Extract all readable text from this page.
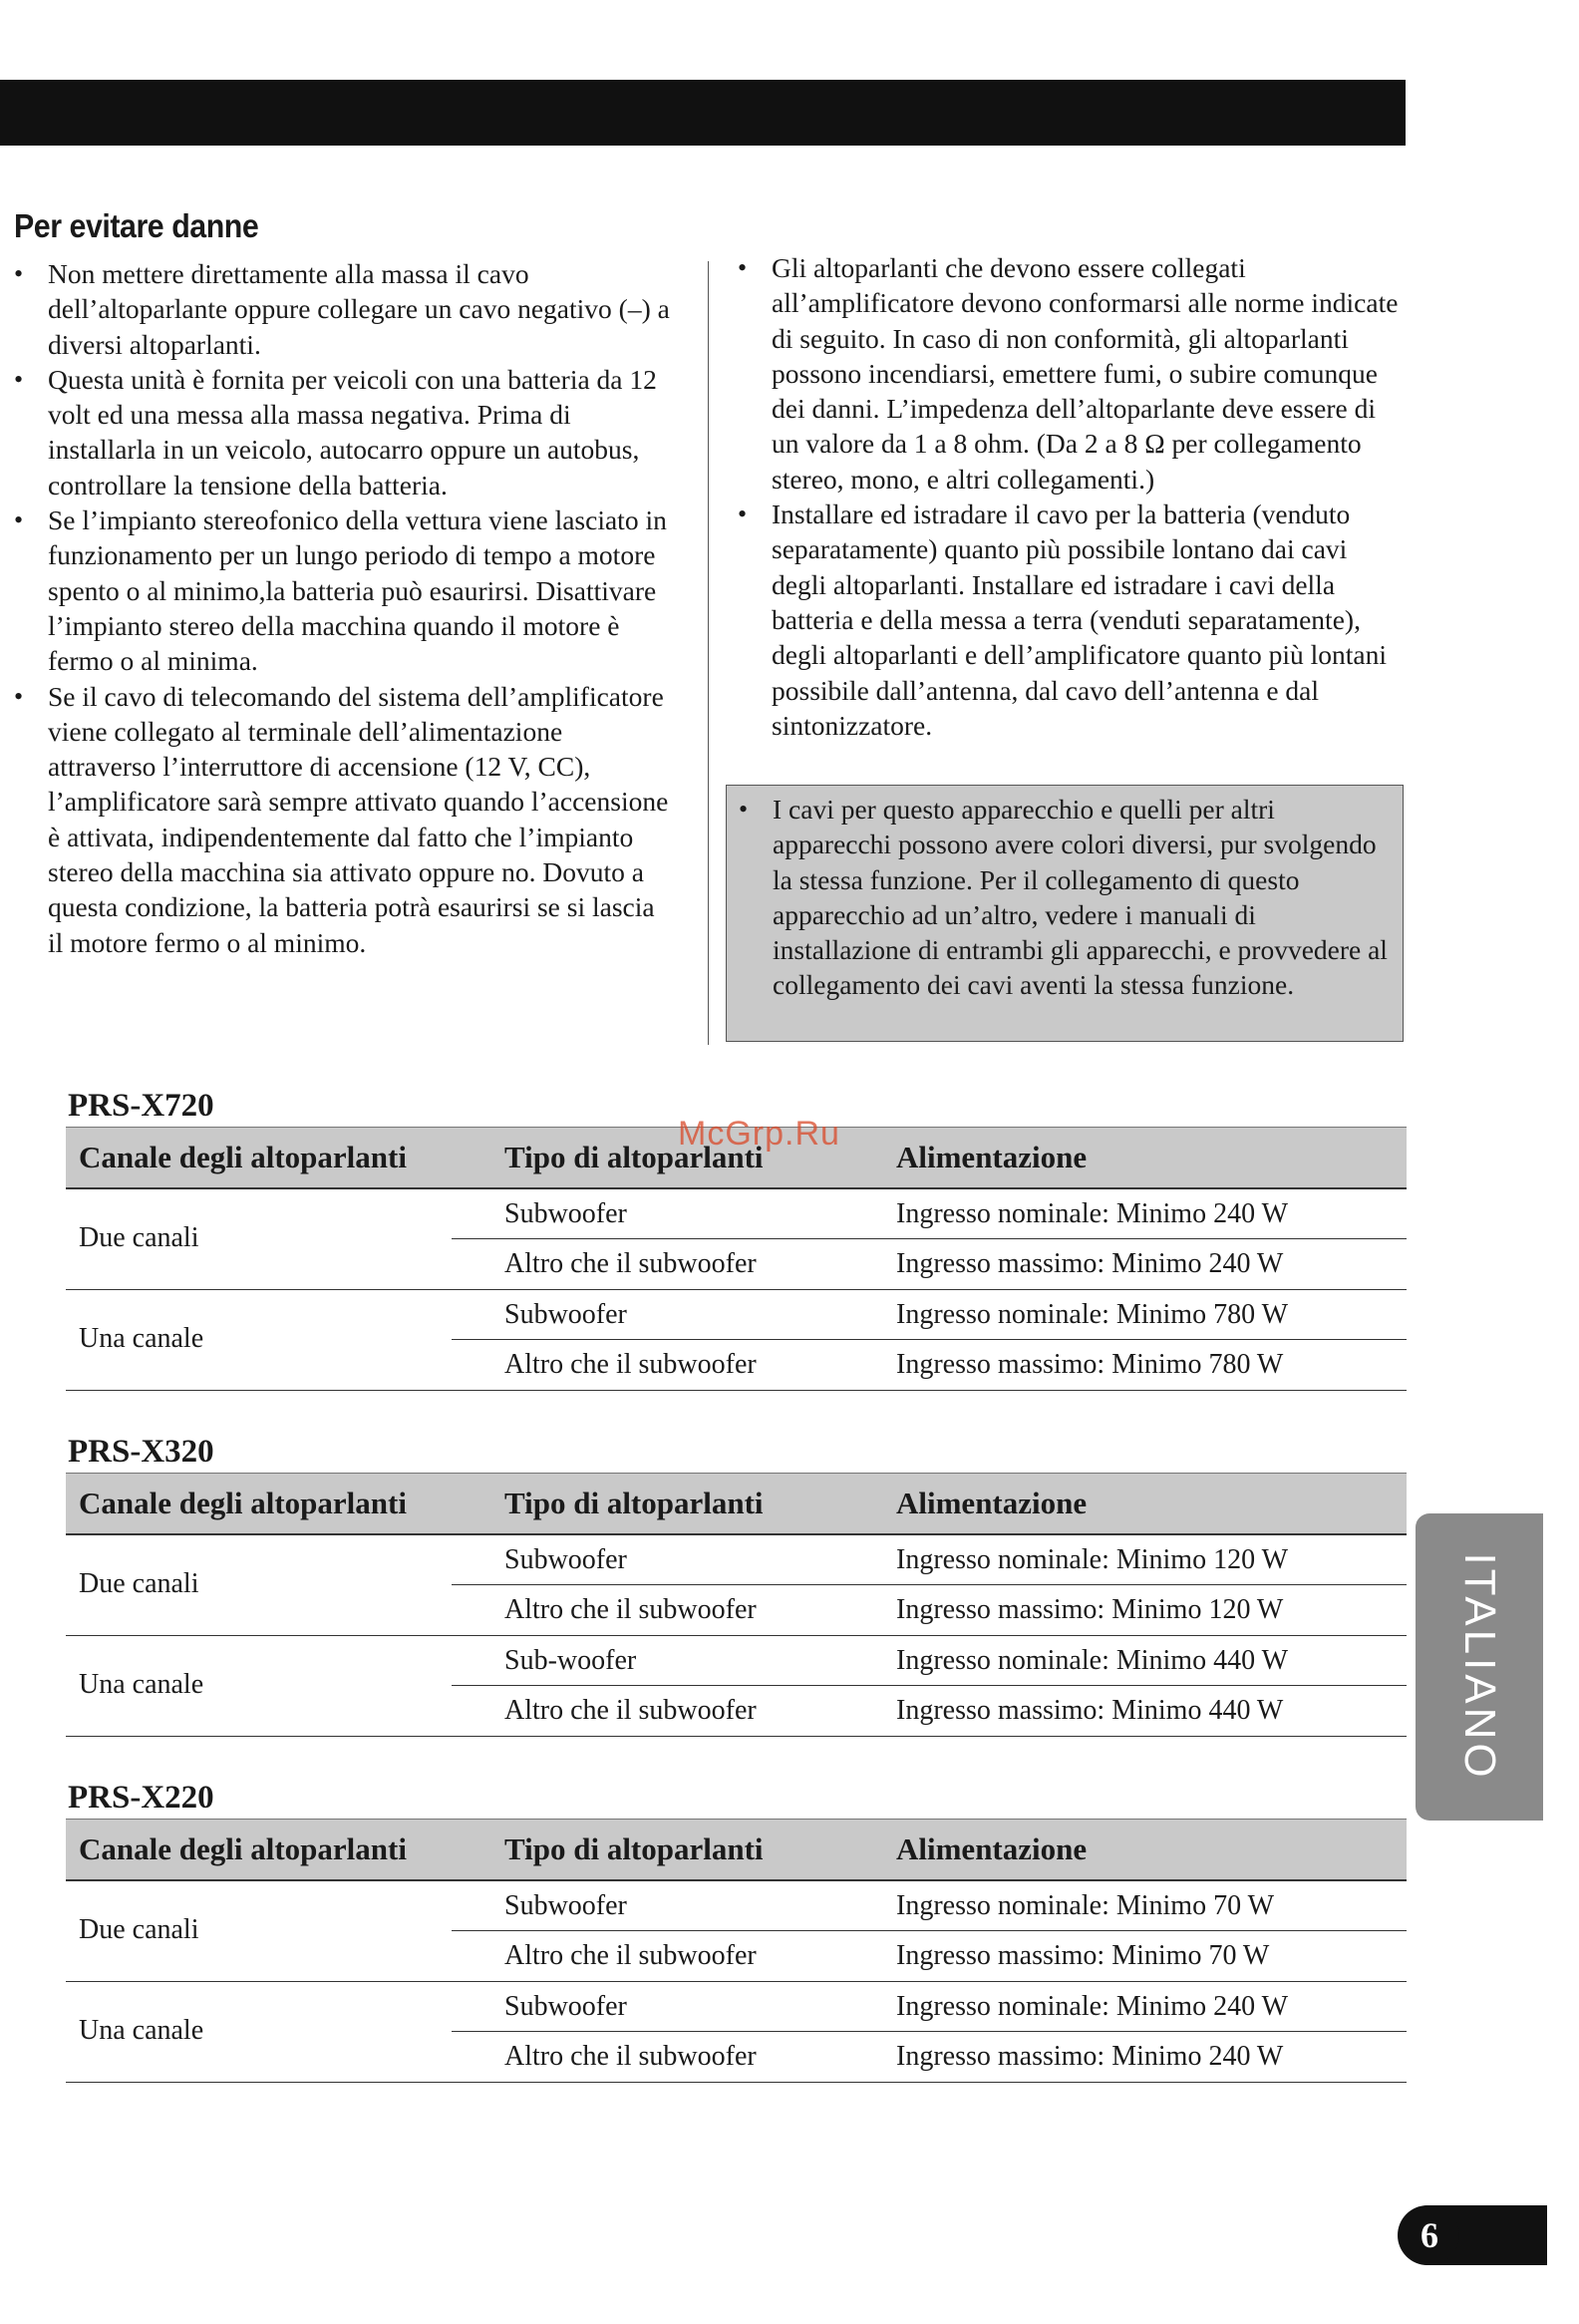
Per evitare danne
• Non mettere direttamente alla massa il cavo dell’altoparlante oppure collegare un cavo negativo (–) a diversi altoparlanti.
• Questa unità è fornita per veicoli con una batteria da 12 volt ed una messa alla massa negativa. Prima di installarla in un veicolo, autocarro oppure un autobus, controllare la tensione della batteria.
• Se l’impianto stereofonico della vettura viene lasciato in funzionamento per un lungo periodo di tempo a motore spento o al minimo,la batteria può esaurirsi. Disattivare l’impianto stereo della macchina quando il motore è fermo o al minima.
• Se il cavo di telecomando del sistema dell’amplificatore viene collegato al terminale dell’alimentazione attraverso l’interruttore di accensione (12 V, CC), l’amplificatore sarà sempre attivato quando l’accensione è attivata, indipendentemente dal fatto che l’impianto stereo della macchina sia attivato oppure no. Dovuto a questa condizione, la batteria potrà esaurirsi se si lascia il motore fermo o al minimo.
• Gli altoparlanti che devono essere collegati all’amplificatore devono conformarsi alle norme indicate di seguito. In caso di non conformità, gli altoparlanti possono incendiarsi, emettere fumi, o subire comunque dei danni. L’impedenza dell’altoparlante deve essere di un valore da 1 a 8 ohm. (Da 2 a 8 Ω per collegamento stereo, mono, e altri collegamenti.)
• Installare ed istradare il cavo per la batteria (venduto separatamente) quanto più possibile lontano dai cavi degli altoparlanti. Installare ed istradare i cavi della batteria e della messa a terra (venduti separatamente), degli altoparlanti e dell’amplificatore quanto più lontani possibile dall’antenna, dal cavo dell’antenna e dal sintonizzatore.
• I cavi per questo apparecchio e quelli per altri apparecchi possono avere colori diversi, pur svolgendo la stessa funzione. Per il collegamento di questo apparecchio ad un’altro, vedere i manuali di installazione di entrambi gli apparecchi, e provvedere al collegamento dei cavi aventi la stessa funzione.
PRS-X720
Canale degli altoparlanti	Tipo di altoparlanti	Alimentazione
Due canali
Subwoofer	Ingresso nominale: Minimo 240 W
Altro che il subwoofer	Ingresso massimo: Minimo 240 W
Una canale
Subwoofer	Ingresso nominale: Minimo 780 W
Altro che il subwoofer	Ingresso massimo: Minimo 780 W
PRS-X320
Canale degli altoparlanti	Tipo di altoparlanti	Alimentazione
Due canali
Subwoofer	Ingresso nominale: Minimo 120 W
Altro che il subwoofer	Ingresso massimo: Minimo 120 W
Una canale
Sub-woofer	Ingresso nominale: Minimo 440 W
Altro che il subwoofer	Ingresso massimo: Minimo 440 W
PRS-X220
Canale degli altoparlanti	Tipo di altoparlanti	Alimentazione
Due canali
Subwoofer	Ingresso nominale: Minimo 70 W
Altro che il subwoofer	Ingresso massimo: Minimo 70 W
Una canale
Subwoofer	Ingresso nominale: Minimo 240 W
Altro che il subwoofer	Ingresso massimo: Minimo 240 W
ITALIANO
6
McGrp.Ru
